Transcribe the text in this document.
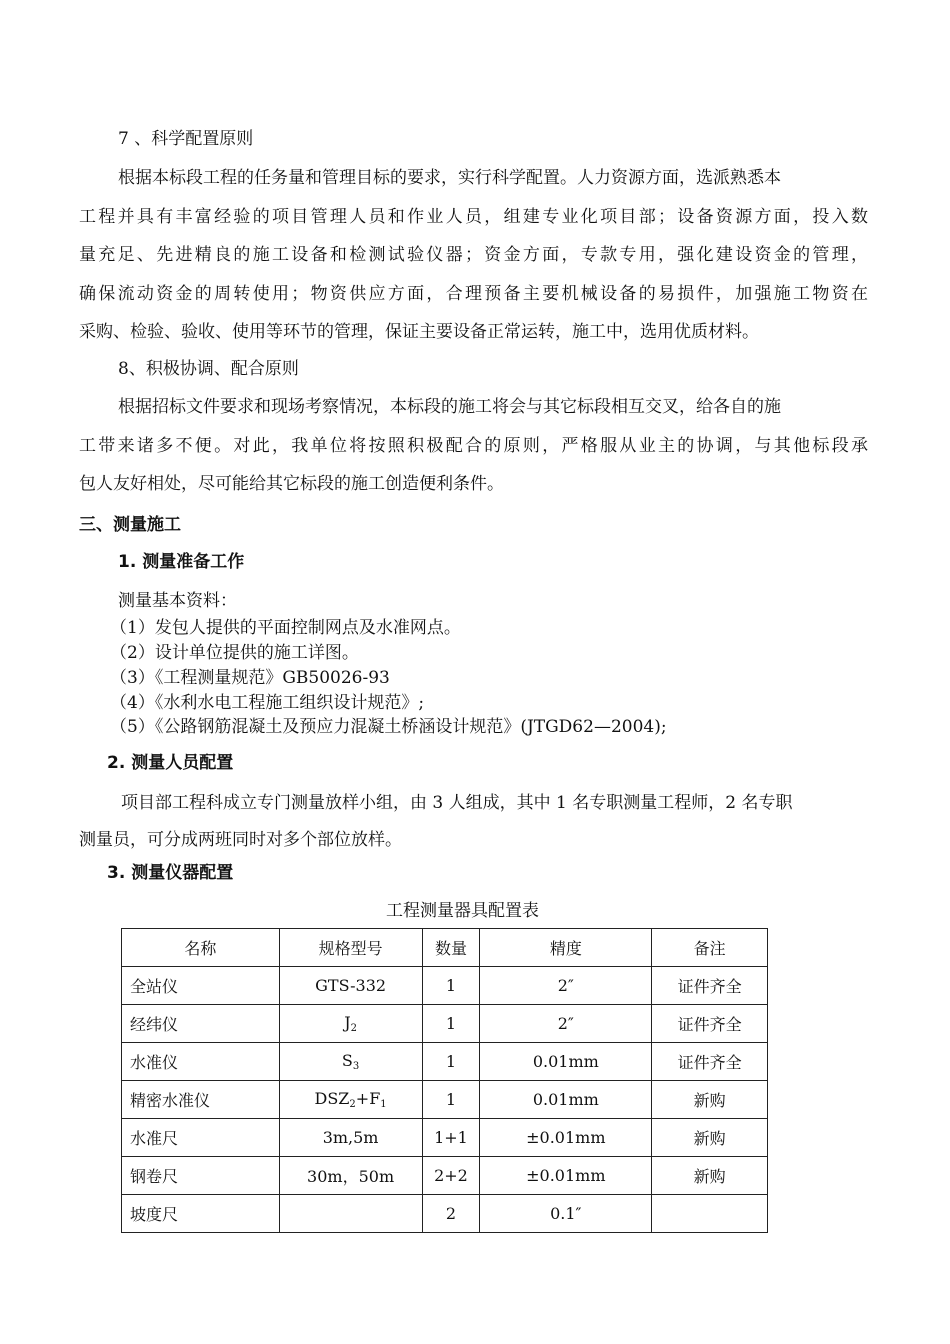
7 、科学配置原则
根据本标段工程的任务量和管理目标的要求，实行科学配置。人力资源方面，选派熟悉本
工程并具有丰富经验的项目管理人员和作业人员，组建专业化项目部；设备资源方面，投入数
量充足、先进精良的施工设备和检测试验仪器；资金方面，专款专用，强化建设资金的管理，
确保流动资金的周转使用；物资供应方面，合理预备主要机械设备的易损件，加强施工物资在
采购、检验、验收、使用等环节的管理，保证主要设备正常运转，施工中，选用优质材料。
8、积极协调、配合原则
根据招标文件要求和现场考察情况，本标段的施工将会与其它标段相互交叉，给各自的施
工带来诸多不便。对此，我单位将按照积极配合的原则，严格服从业主的协调，与其他标段承
包人友好相处，尽可能给其它标段的施工创造便利条件。
三、测量施工
1. 测量准备工作
测量基本资料：
（1）发包人提供的平面控制网点及水准网点。
（2）设计单位提供的施工详图。
（3）《工程测量规范》GB50026-93
（4）《水利水电工程施工组织设计规范》;
（5）《公路钢筋混凝土及预应力混凝土桥涵设计规范》(JTGD62—2004);
2. 测量人员配置
项目部工程科成立专门测量放样小组，由 3 人组成，其中 1 名专职测量工程师，2 名专职
测量员，可分成两班同时对多个部位放样。
3. 测量仪器配置
工程测量器具配置表
名称	规格型号	数量	精度	备注
全站仪	GTS-332	1	2″	证件齐全
经纬仪	$J_2$	1	2″	证件齐全
水准仪	$S_3$	1	0.01mm	证件齐全
精密水准仪	$DSZ_2+F_1$	1	0.01mm	新购
水准尺	3m,5m	1+1	±0.01mm	新购
钢卷尺	30m，50m	2+2	±0.01mm	新购
坡度尺		2	0.1″	
